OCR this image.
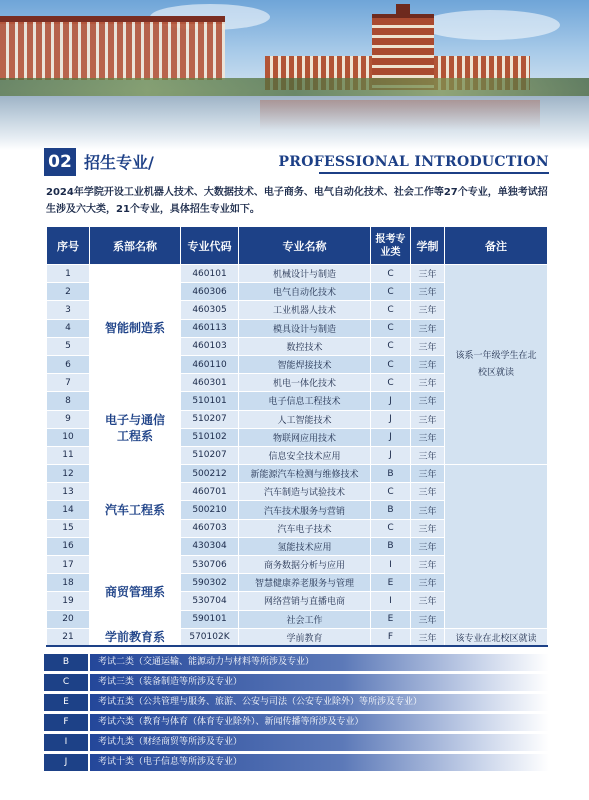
02 招生专业/	PROFESSIONAL INTRODUCTION
2024年学院开设工业机器人技术、大数据技术、电子商务、电气自动化技术、社会工作等27个专业，单独考试招生涉及六大类，21个专业，具体招生专业如下。
序号	系部名称	专业代码	专业名称	报考专业类	学制	备注
1	智能制造系	460101	机械设计与制造	C	三年	该系一年级学生在北校区就读
2		460306	电气自动化技术	C	三年	
3		460305	工业机器人技术	C	三年	
4		460113	模具设计与制造	C	三年	
5		460103	数控技术	C	三年	
6		460110	智能焊接技术	C	三年	
7		460301	机电一体化技术	C	三年	
8	电子与通信工程系	510101	电子信息工程技术	J	三年	
9		510207	人工智能技术	J	三年	
10		510102	物联网应用技术	J	三年	
11		510207	信息安全技术应用	J	三年	
12	汽车工程系	500212	新能源汽车检测与维修技术	B	三年	
13		460701	汽车制造与试验技术	C	三年	
14		500210	汽车技术服务与营销	B	三年	
15		460703	汽车电子技术	C	三年	
16		430304	氢能技术应用	B	三年	
17	商贸管理系	530706	商务数据分析与应用	I	三年	
18		590302	智慧健康养老服务与管理	E	三年	
19		530704	网络营销与直播电商	I	三年	
20		590101	社会工作	E	三年	
21	学前教育系	570102K	学前教育	F	三年	该专业在北校区就读
B	考试二类（交通运输、能源动力与材料等所涉及专业）
C	考试三类（装备制造等所涉及专业）
E	考试五类（公共管理与服务、旅游、公安与司法（公安专业除外）等所涉及专业）
F	考试六类（教育与体育（体育专业除外）、新闻传播等所涉及专业）
I	考试九类（财经商贸等所涉及专业）
J	考试十类（电子信息等所涉及专业）
